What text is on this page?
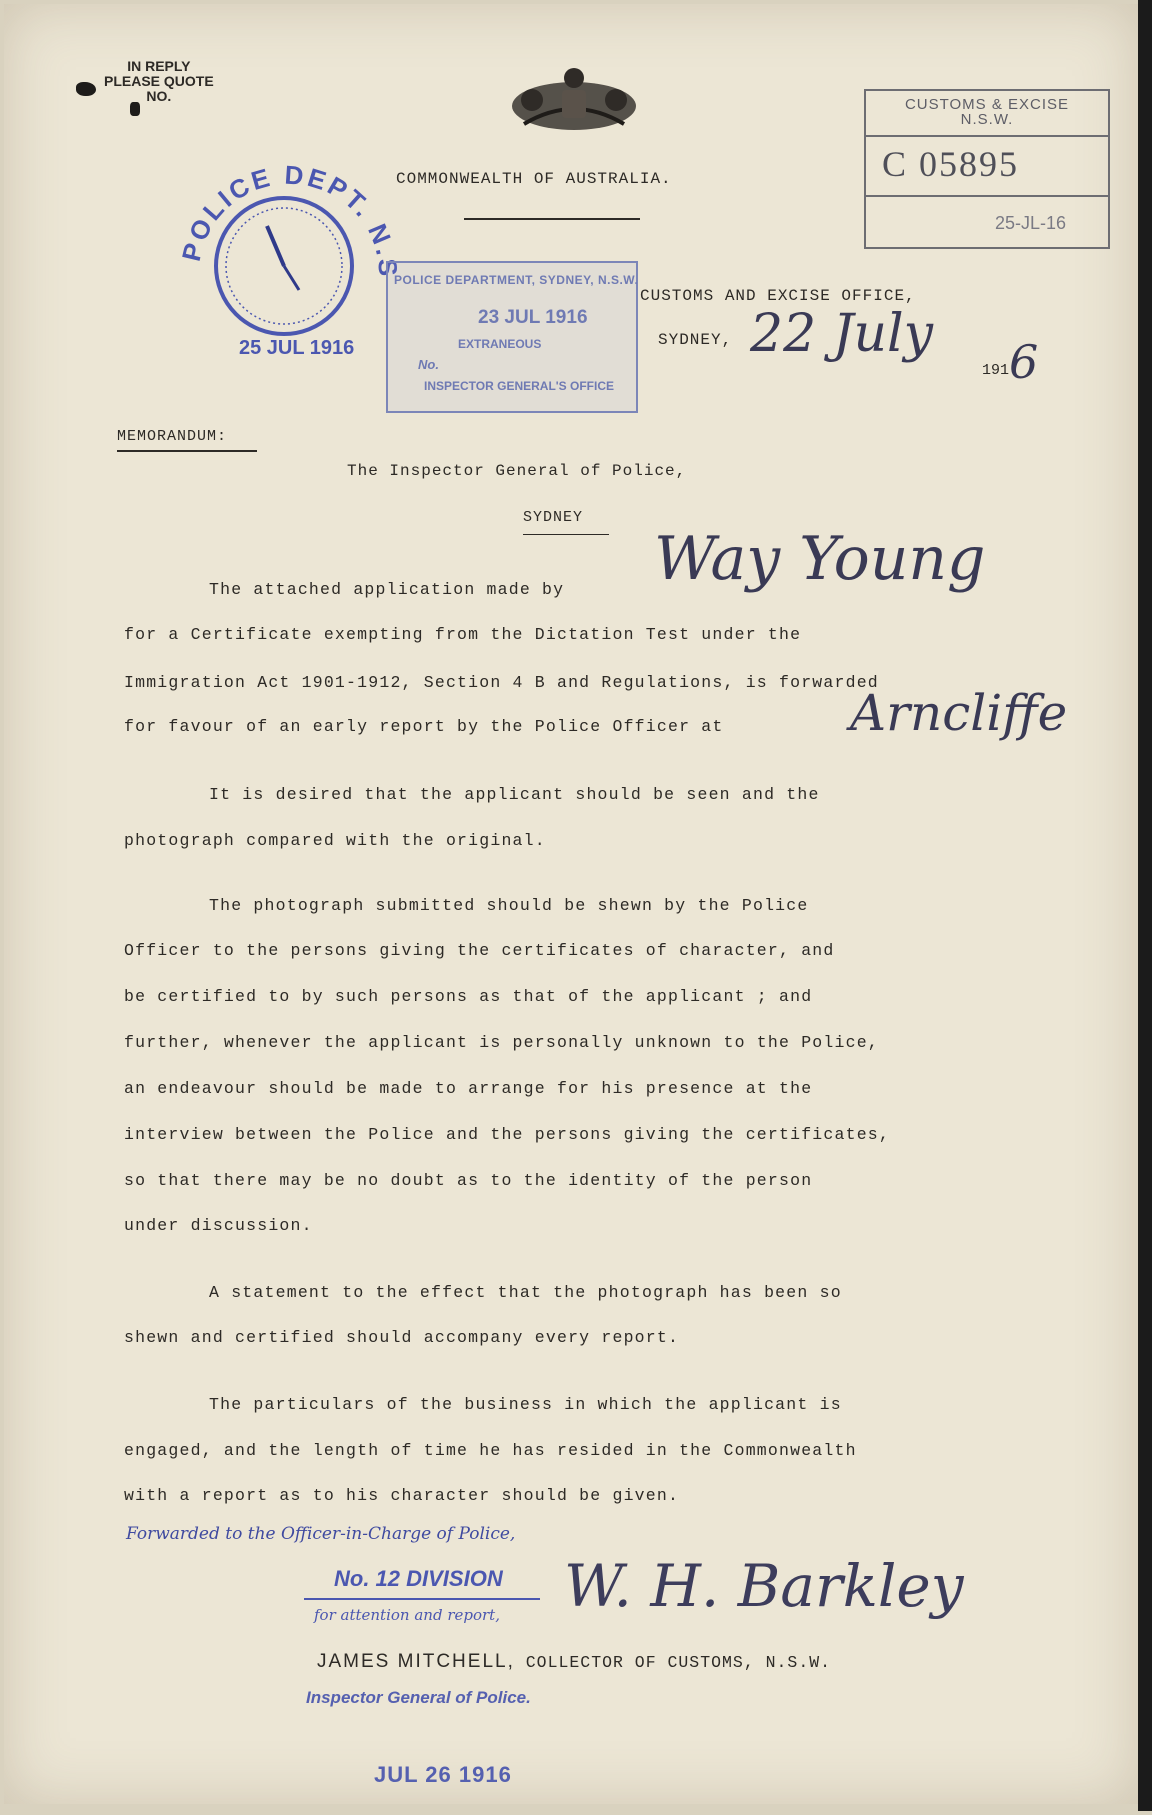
IN REPLY
PLEASE QUOTE
NO.	CUSTOMS & EXCISE
N.S.W.
C 05895
25-JL-16
COMMONWEALTH OF AUSTRALIA.
POLICE DEPT. N.S
25 JUL 1916
POLICE DEPARTMENT, SYDNEY, N.S.W.
23 JUL 1916
EXTRANEOUS
No.
INSPECTOR GENERAL'S OFFICE
CUSTOMS AND EXCISE OFFICE,
SYDNEY, 22 July
1916
MEMORANDUM:
The Inspector General of Police,
SYDNEY
The attached application made by Way Young
for a Certificate exempting from the Dictation Test under the
Immigration Act 1901-1912, Section 4 B and Regulations, is forwarded
for favour of an early report by the Police Officer at	Arncliffe
It is desired that the applicant should be seen and the
photograph compared with the original.
The photograph submitted should be shewn by the Police
Officer to the persons giving the certificates of character, and
be certified to by such persons as that of the applicant ; and
further, whenever the applicant is personally unknown to the Police,
an endeavour should be made to arrange for his presence at the
interview between the Police and the persons giving the certificates,
so that there may be no doubt as to the identity of the person
under discussion.
A statement to the effect that the photograph has been so
shewn and certified should accompany every report.
The particulars of the business in which the applicant is
engaged, and the length of time he has resided in the Commonwealth
with a report as to his character should be given.
Forwarded to the Officer-in-Charge of Police,
No. 12 DIVISION
for attention and report, W. H. Barkley
JAMES MITCHELL, COLLECTOR OF CUSTOMS, N.S.W.
Inspector General of Police.
JUL 26 1916
